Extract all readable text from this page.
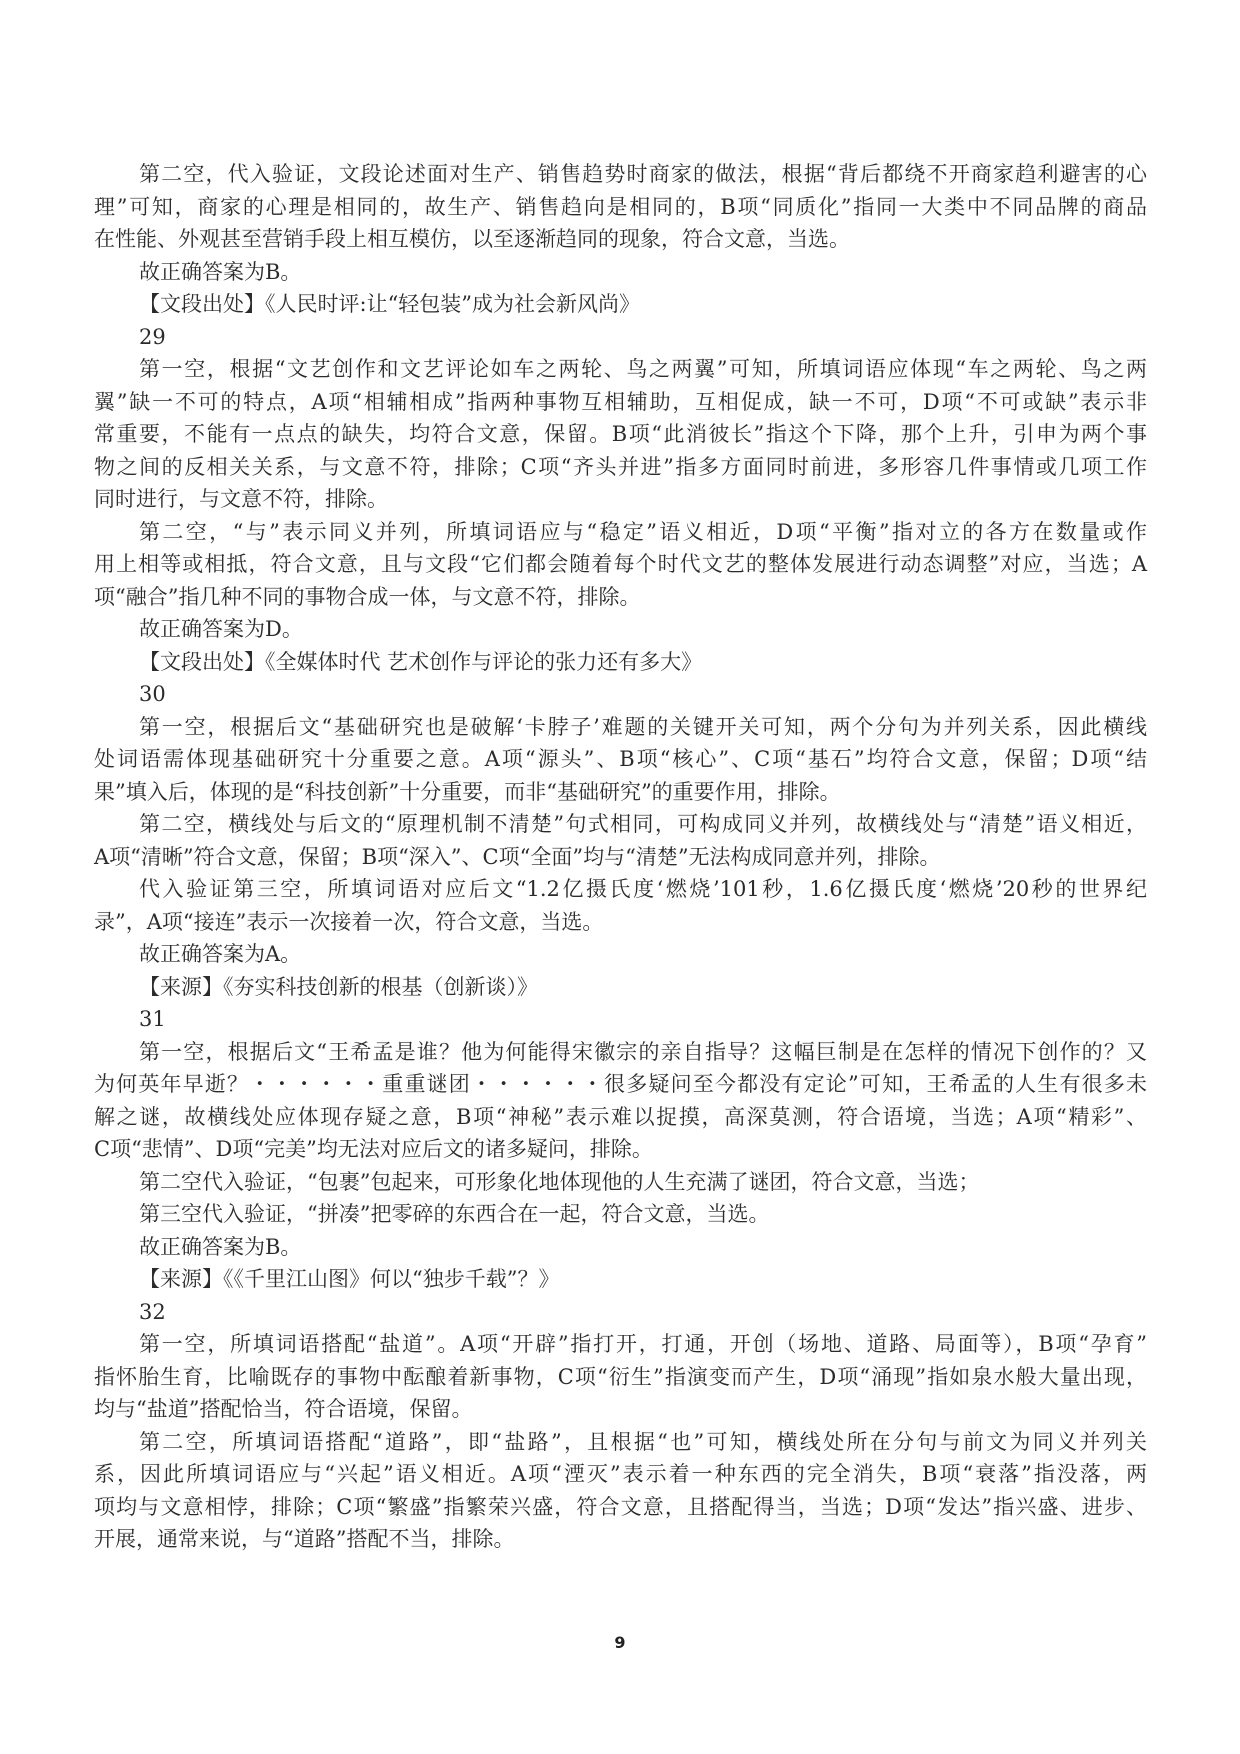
第二空，代入验证，文段论述面对生产、销售趋势时商家的做法，根据“背后都绕不开商家趋利避害的心
理”可知，商家的心理是相同的，故生产、销售趋向是相同的，B项“同质化”指同一大类中不同品牌的商品
在性能、外观甚至营销手段上相互模仿，以至逐渐趋同的现象，符合文意，当选。
故正确答案为B。
【文段出处】《人民时评:让“轻包装”成为社会新风尚》
29
第一空，根据“文艺创作和文艺评论如车之两轮、鸟之两翼”可知，所填词语应体现“车之两轮、鸟之两
翼”缺一不可的特点，A项“相辅相成”指两种事物互相辅助，互相促成，缺一不可，D项“不可或缺”表示非
常重要，不能有一点点的缺失，均符合文意，保留。B项“此消彼长”指这个下降，那个上升，引申为两个事
物之间的反相关关系，与文意不符，排除；C项“齐头并进”指多方面同时前进，多形容几件事情或几项工作
同时进行，与文意不符，排除。
第二空，“与”表示同义并列，所填词语应与“稳定”语义相近，D项“平衡”指对立的各方在数量或作
用上相等或相抵，符合文意，且与文段“它们都会随着每个时代文艺的整体发展进行动态调整”对应，当选；A
项“融合”指几种不同的事物合成一体，与文意不符，排除。
故正确答案为D。
【文段出处】《全媒体时代 艺术创作与评论的张力还有多大》
30
第一空，根据后文“基础研究也是破解‘卡脖子’难题的关键开关可知，两个分句为并列关系，因此横线
处词语需体现基础研究十分重要之意。A项“源头”、B项“核心”、C项“基石”均符合文意，保留；D项“结
果”填入后，体现的是“科技创新”十分重要，而非“基础研究”的重要作用，排除。
第二空，横线处与后文的“原理机制不清楚”句式相同，可构成同义并列，故横线处与“清楚”语义相近，
A项“清晰”符合文意，保留；B项“深入”、C项“全面”均与“清楚”无法构成同意并列，排除。
代入验证第三空，所填词语对应后文“1.2亿摄氏度‘燃烧’101秒，1.6亿摄氏度‘燃烧’20秒的世界纪
录”，A项“接连”表示一次接着一次，符合文意，当选。
故正确答案为A。
【来源】《夯实科技创新的根基（创新谈）》
31
第一空，根据后文“王希孟是谁？他为何能得宋徽宗的亲自指导？这幅巨制是在怎样的情况下创作的？又
为何英年早逝？・・・・・・重重谜团・・・・・・很多疑问至今都没有定论”可知，王希孟的人生有很多未
解之谜，故横线处应体现存疑之意，B项“神秘”表示难以捉摸，高深莫测，符合语境，当选；A项“精彩”、
C项“悲情”、D项“完美”均无法对应后文的诸多疑问，排除。
第二空代入验证，“包裹”包起来，可形象化地体现他的人生充满了谜团，符合文意，当选；
第三空代入验证，“拼凑”把零碎的东西合在一起，符合文意，当选。
故正确答案为B。
【来源】《《千里江山图》何以“独步千载”？》
32
第一空，所填词语搭配“盐道”。A项“开辟”指打开，打通，开创（场地、道路、局面等），B项“孕育”
指怀胎生育，比喻既存的事物中酝酿着新事物，C项“衍生”指演变而产生，D项“涌现”指如泉水般大量出现，
均与“盐道”搭配恰当，符合语境，保留。
第二空，所填词语搭配“道路”，即“盐路”，且根据“也”可知，横线处所在分句与前文为同义并列关
系，因此所填词语应与“兴起”语义相近。A项“湮灭”表示着一种东西的完全消失，B项“衰落”指没落，两
项均与文意相悖，排除；C项“繁盛”指繁荣兴盛，符合文意，且搭配得当，当选；D项“发达”指兴盛、进步、
开展，通常来说，与“道路”搭配不当，排除。
9
